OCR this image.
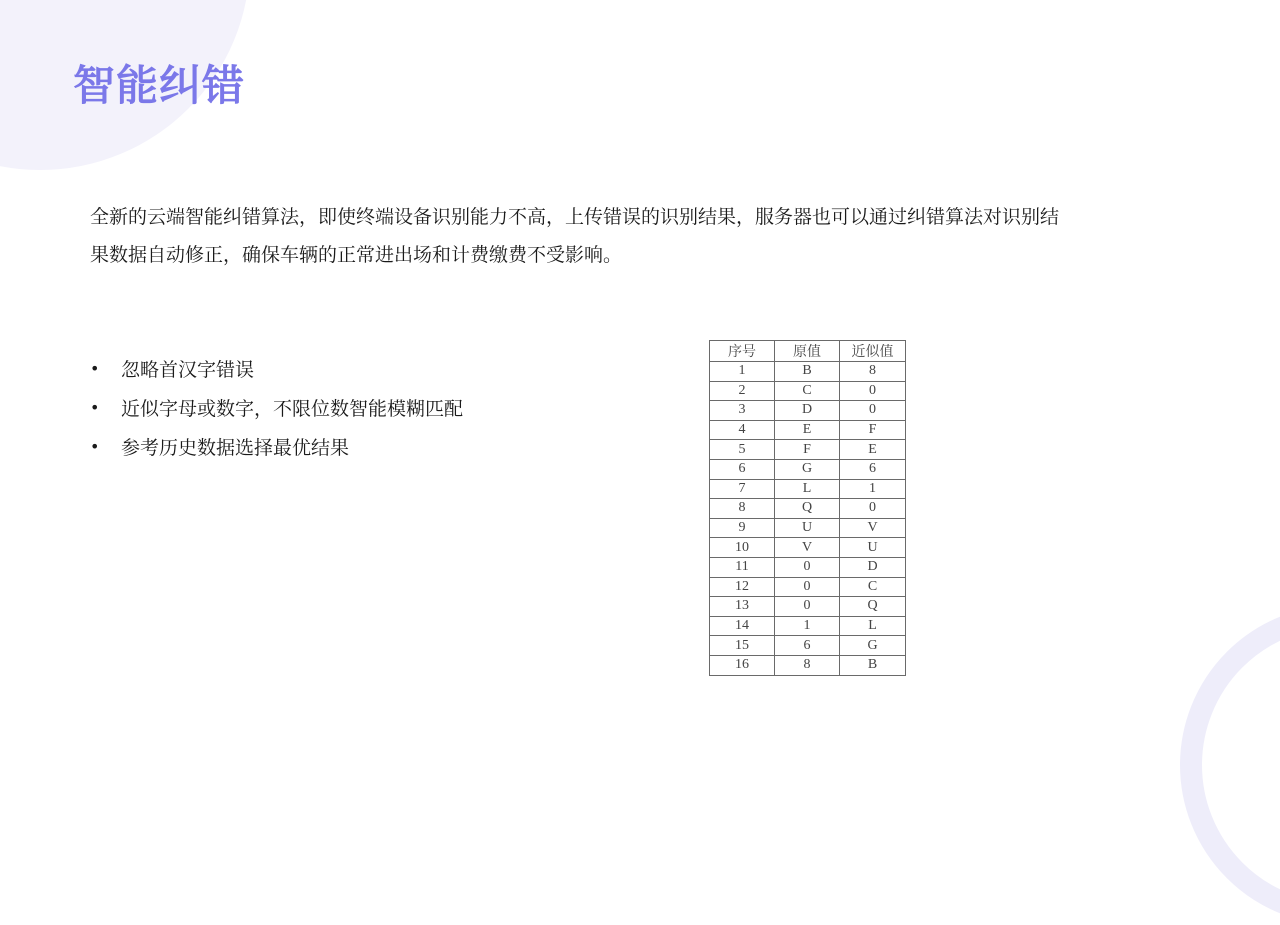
智能纠错

全新的云端智能纠错算法，即使终端设备识别能力不高，上传错误的识别结果，服务器也可以通过纠错算法对识别结果数据自动修正，确保车辆的正常进出场和计费缴费不受影响。

•	忽略首汉字错误
•	近似字母或数字，不限位数智能模糊匹配
•	参考历史数据选择最优结果
序号	原值	近似值
1	B	8
2	C	0
3	D	0
4	E	F
5	F	E
6	G	6
7	L	1
8	Q	0
9	U	V
10	V	U
11	0	D
12	0	C
13	0	Q
14	1	L
15	6	G
16	8	B
